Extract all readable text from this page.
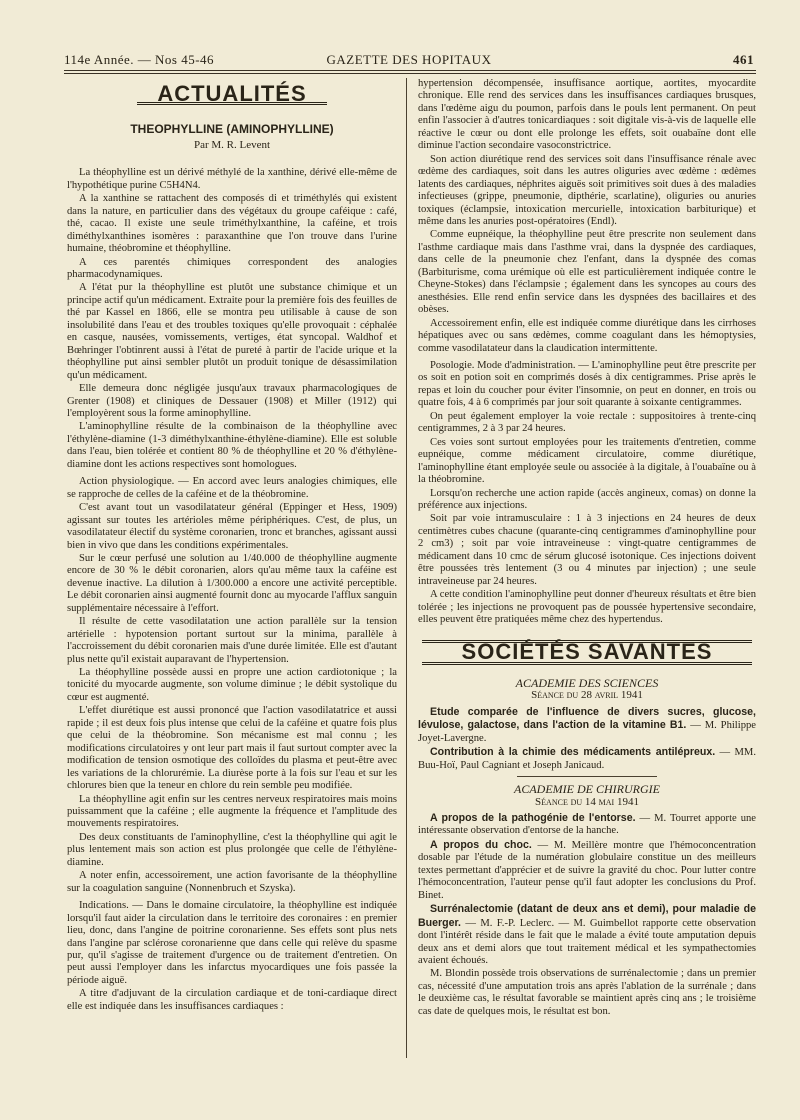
114e Année. — Nos 45-46	GAZETTE DES HOPITAUX	461
ACTUALITÉS
THEOPHYLLINE (AMINOPHYLLINE)
Par M. R. Levent

La théophylline est un dérivé méthylé de la xanthine, dérivé elle-même de l'hypothétique purine C5H4N4.

A la xanthine se rattachent des composés di et triméthylés qui existent dans la nature, en particulier dans des végétaux du groupe caféique : café, thé, cacao. Il existe une seule triméthylxanthine, la caféine, et trois diméthylxanthines isomères : paraxanthine que l'on trouve dans l'urine humaine, théobromine et théophylline.

A ces parentés chimiques correspondent des analogies pharmacodynamiques.

A l'état pur la théophylline est plutôt une substance chimique et un principe actif qu'un médicament. Extraite pour la première fois des feuilles de thé par Kassel en 1866, elle se montra peu utilisable à cause de son insolubilité dans l'eau et des troubles toxiques qu'elle provoquait : céphalée en casque, nausées, vomissements, vertiges, état syncopal. Waldhof et Bœhringer l'obtinrent aussi à l'état de pureté à partir de l'acide urique et la théophylline put ainsi sembler plutôt un produit tonique de désassimilation qu'un médicament.

Elle demeura donc négligée jusqu'aux travaux pharmacologiques de Grenter (1908) et cliniques de Dessauer (1908) et Miller (1912) qui l'employèrent sous la forme aminophylline.

L'aminophylline résulte de la combinaison de la théophylline avec l'éthylène-diamine (1-3 diméthylxanthine-éthylène-diamine). Elle est soluble dans l'eau, bien tolérée et contient 80 % de théophylline et 20 % d'éthylène-diamine dont les actions respectives sont homologues.

Action physiologique. — En accord avec leurs analogies chimiques, elle se rapproche de celles de la caféine et de la théobromine.

C'est avant tout un vasodilatateur général (Eppinger et Hess, 1909) agissant sur toutes les artérioles même périphériques. C'est, de plus, un vasodilatateur électif du système coronarien, tronc et branches, agissant aussi bien in vivo que dans les conditions expérimentales.

Sur le cœur perfusé une solution au 1/40.000 de théophylline augmente encore de 30 % le débit coronarien, alors qu'au même taux la caféine est devenue inactive. La dilution à 1/300.000 a encore une activité perceptible. Le débit coronarien ainsi augmenté fournit donc au myocarde l'afflux sanguin supplémentaire nécessaire à l'effort.

Il résulte de cette vasodilatation une action parallèle sur la tension artérielle : hypotension portant surtout sur la minima, parallèle à l'accroissement du débit coronarien mais d'une durée limitée. Elle est d'autant plus nette qu'il existait auparavant de l'hypertension.

La théophylline possède aussi en propre une action cardiotonique ; la tonicité du myocarde augmente, son volume diminue ; le débit systolique du cœur est augmenté.

L'effet diurétique est aussi prononcé que l'action vasodilatatrice et aussi rapide ; il est deux fois plus intense que celui de la caféine et quatre fois plus que celui de la théobromine. Son mécanisme est mal connu ; les modifications circulatoires y ont leur part mais il faut surtout compter avec la modification de tension osmotique des colloïdes du plasma et peut-être avec les variations de la chlorurémie. La diurèse porte à la fois sur l'eau et sur les chlorures bien que la teneur en chlore du rein semble peu modifiée.

La théophylline agit enfin sur les centres nerveux respiratoires mais moins puissamment que la caféine ; elle augmente la fréquence et l'amplitude des mouvements respiratoires.

Des deux constituants de l'aminophylline, c'est la théophylline qui agit le plus lentement mais son action est plus prolongée que celle de l'éthylène-diamine.

A noter enfin, accessoirement, une action favorisante de la théophylline sur la coagulation sanguine (Nonnenbruch et Szyska).

Indications. — Dans le domaine circulatoire, la théophylline est indiquée lorsqu'il faut aider la circulation dans le territoire des coronaires : en premier lieu, donc, dans l'angine de poitrine coronarienne. Ses effets sont plus nets dans l'angine par sclérose coronarienne que dans celle qui relève du spasme pur, qu'il s'agisse de traitement d'urgence ou de traitement d'entretien. On peut aussi l'employer dans les infarctus myocardiques une fois passée la période aiguë.

A titre d'adjuvant de la circulation cardiaque et de toni-cardiaque direct elle est indiquée dans les insuffisances cardiaques :

hypertension décompensée, insuffisance aortique, aortites, myocardite chronique. Elle rend des services dans les insuffisances cardiaques brusques, dans l'œdème aigu du poumon, parfois dans le pouls lent permanent. On peut enfin l'associer à d'autres tonicardiaques : soit digitale vis-à-vis de laquelle elle réactive le cœur ou dont elle prolonge les effets, soit ouabaïne dont elle diminue l'action secondaire vasoconstrictrice.

Son action diurétique rend des services soit dans l'insuffisance rénale avec œdème des cardiaques, soit dans les autres oliguries avec œdème : œdèmes latents des cardiaques, néphrites aiguës soit primitives soit dues à des maladies infectieuses (grippe, pneumonie, dipthérie, scarlatine), oliguries ou anuries toxiques (éclampsie, intoxication mercurielle, intoxication barbiturique) et même dans les anuries post-opératoires (Endl).

Comme eupnéique, la théophylline peut être prescrite non seulement dans l'asthme cardiaque mais dans l'asthme vrai, dans la dyspnée des cardiaques, dans celle de la pneumonie chez l'enfant, dans la dyspnée des comas (Barbiturisme, coma urémique où elle est particulièrement indiquée contre le Cheyne-Stokes) dans l'éclampsie ; également dans les syncopes au cours des anesthésies. Elle rend enfin service dans les dyspnées des bacillaires et des obèses.

Accessoirement enfin, elle est indiquée comme diurétique dans les cirrhoses hépatiques avec ou sans œdèmes, comme coagulant dans les hémoptysies, comme vasodilatateur dans la claudication intermittente.

Posologie. Mode d'administration. — L'aminophylline peut être prescrite per os soit en potion soit en comprimés dosés à dix centigrammes. Prise après le repas et loin du coucher pour éviter l'insomnie, on peut en donner, en trois ou quatre fois, 4 à 6 comprimés par jour soit quarante à soixante centigrammes.

On peut également employer la voie rectale : suppositoires à trente-cinq centigrammes, 2 à 3 par 24 heures.

Ces voies sont surtout employées pour les traitements d'entretien, comme eupnéique, comme médicament circulatoire, comme diurétique, l'aminophylline étant employée seule ou associée à la digitale, à l'ouabaïne ou à la théobromine.

Lorsqu'on recherche une action rapide (accès angineux, comas) on donne la préférence aux injections.

Soit par voie intramusculaire : 1 à 3 injections en 24 heures de deux centimètres cubes chacune (quarante-cinq centigrammes d'aminophylline pour 2 cm3) ; soit par voie intraveineuse : vingt-quatre centigrammes de médicament dans 10 cmc de sérum glucosé isotonique. Ces injections doivent être poussées très lentement (3 ou 4 minutes par injection) ; une seule intraveineuse par 24 heures.

A cette condition l'aminophylline peut donner d'heureux résultats et être bien tolérée ; les injections ne provoquent pas de poussée hypertensive secondaire, elles peuvent être pratiquées même chez des hypertendus.

SOCIÉTÉS SAVANTES
ACADEMIE DES SCIENCES
Séance du 28 avril 1941

Etude comparée de l'influence de divers sucres, glucose, lévulose, galactose, dans l'action de la vitamine B1. — M. Philippe Joyet-Lavergne.

Contribution à la chimie des médicaments antilépreux. — MM. Buu-Hoï, Paul Cagniant et Joseph Janicaud.

ACADEMIE DE CHIRURGIE
Séance du 14 mai 1941

A propos de la pathogénie de l'entorse. — M. Tourret apporte une intéressante observation d'entorse de la hanche.

A propos du choc. — M. Meillère montre que l'hémoconcentration dosable par l'étude de la numération globulaire constitue un des meilleurs textes permettant d'apprécier et de suivre la gravité du choc. Pour lutter contre l'hémoconcentration, l'auteur pense qu'il faut adopter les conclusions du Prof. Binet.

Surrénalectomie (datant de deux ans et demi), pour maladie de Buerger. — M. F.-P. Leclerc. — M. Guimbellot rapporte cette observation dont l'intérêt réside dans le fait que le malade a évité toute amputation depuis deux ans et demi alors que tout traitement médical et les sympathectomies avaient échoués.

M. Blondin possède trois observations de surrénalectomie ; dans un premier cas, nécessité d'une amputation trois ans après l'ablation de la surrénale ; dans le deuxième cas, le résultat favorable se maintient après cinq ans ; le troisième cas date de quelques mois, le résultat est bon.
